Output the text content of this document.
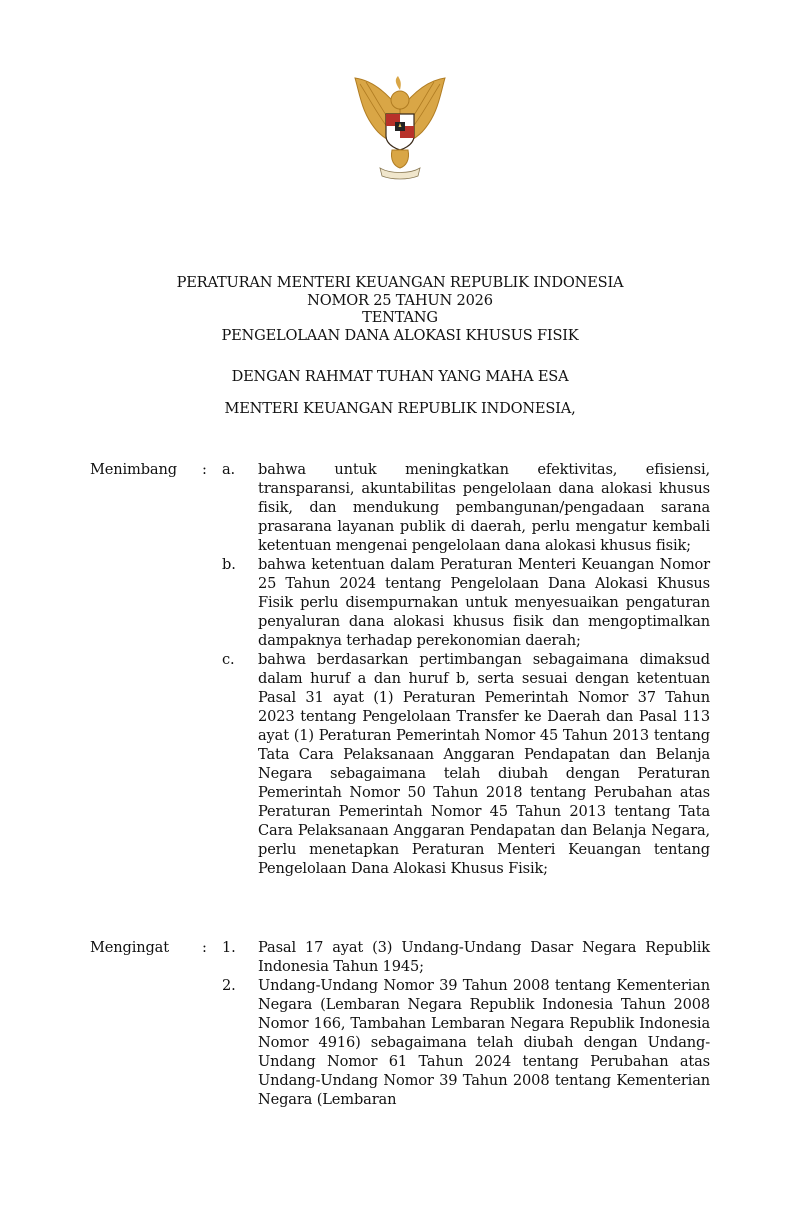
PERATURAN MENTERI KEUANGAN REPUBLIK INDONESIA
NOMOR 25 TAHUN 2026
TENTANG
PENGELOLAAN DANA ALOKASI KHUSUS FISIK
DENGAN RAHMAT TUHAN YANG MAHA ESA
MENTERI KEUANGAN REPUBLIK INDONESIA,
Menimbang : a. bahwa untuk meningkatkan efektivitas, efisiensi, transparansi, akuntabilitas pengelolaan dana alokasi khusus fisik, dan mendukung pembangunan/pengadaan sarana prasarana layanan publik di daerah, perlu mengatur kembali ketentuan mengenai pengelolaan dana alokasi khusus fisik;
b. bahwa ketentuan dalam Peraturan Menteri Keuangan Nomor 25 Tahun 2024 tentang Pengelolaan Dana Alokasi Khusus Fisik perlu disempurnakan untuk menyesuaikan pengaturan penyaluran dana alokasi khusus fisik dan mengoptimalkan dampaknya terhadap perekonomian daerah;
c. bahwa berdasarkan pertimbangan sebagaimana dimaksud dalam huruf a dan huruf b, serta sesuai dengan ketentuan Pasal 31 ayat (1) Peraturan Pemerintah Nomor 37 Tahun 2023 tentang Pengelolaan Transfer ke Daerah dan Pasal 113 ayat (1) Peraturan Pemerintah Nomor 45 Tahun 2013 tentang Tata Cara Pelaksanaan Anggaran Pendapatan dan Belanja Negara sebagaimana telah diubah dengan Peraturan Pemerintah Nomor 50 Tahun 2018 tentang Perubahan atas Peraturan Pemerintah Nomor 45 Tahun 2013 tentang Tata Cara Pelaksanaan Anggaran Pendapatan dan Belanja Negara, perlu menetapkan Peraturan Menteri Keuangan tentang Pengelolaan Dana Alokasi Khusus Fisik;
Mengingat : 1. Pasal 17 ayat (3) Undang-Undang Dasar Negara Republik Indonesia Tahun 1945;
2. Undang-Undang Nomor 39 Tahun 2008 tentang Kementerian Negara (Lembaran Negara Republik Indonesia Tahun 2008 Nomor 166, Tambahan Lembaran Negara Republik Indonesia Nomor 4916) sebagaimana telah diubah dengan Undang-Undang Nomor 61 Tahun 2024 tentang Perubahan atas Undang-Undang Nomor 39 Tahun 2008 tentang Kementerian Negara (Lembaran
